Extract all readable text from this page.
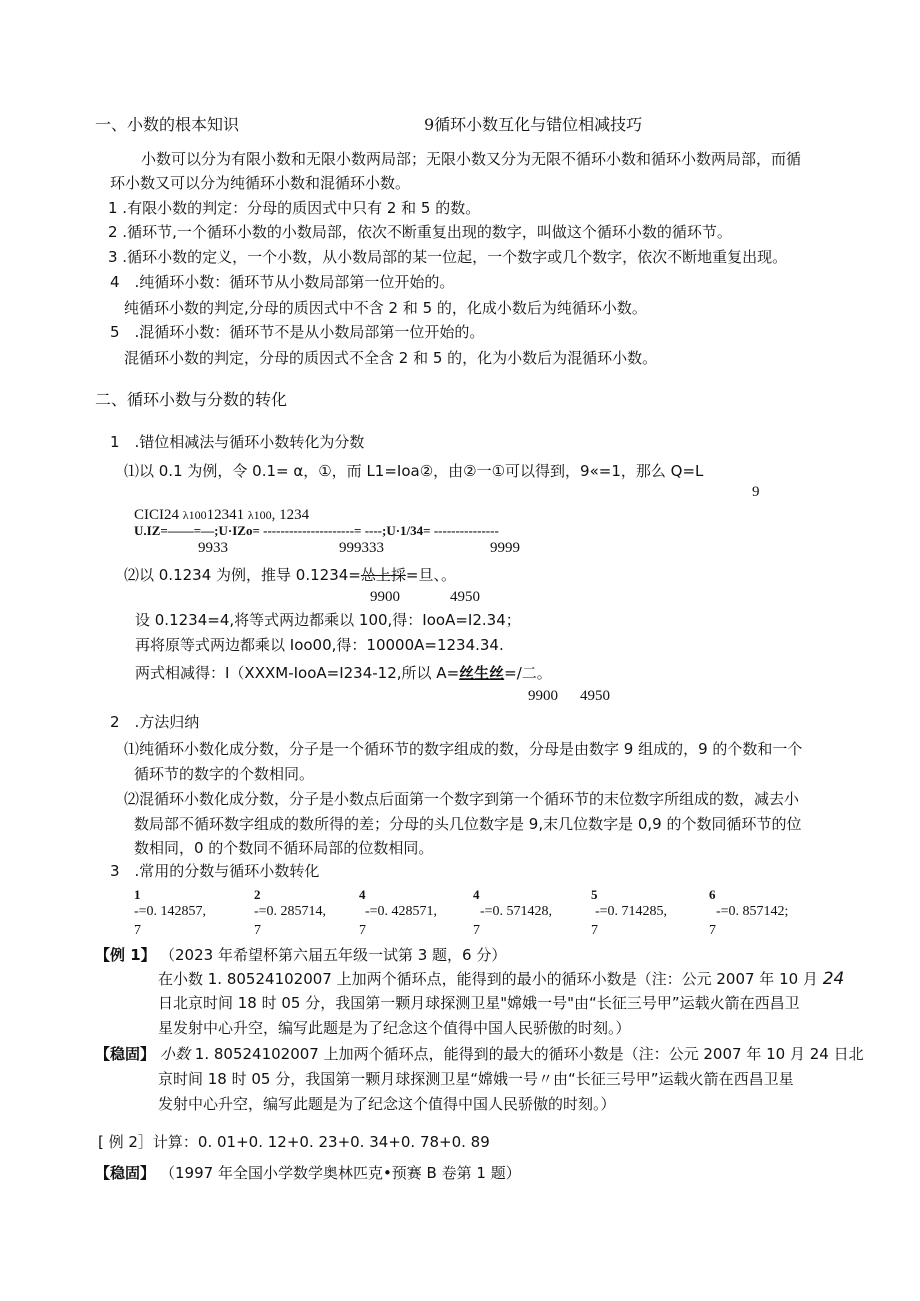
一、小数的根本知识	9循环小数互化与错位相减技巧
小数可以分为有限小数和无限小数两局部；无限小数又分为无限不循环小数和循环小数两局部，而循
环小数又可以分为纯循环小数和混循环小数。
1 .有限小数的判定：分母的质因式中只有 2 和 5 的数。
2 .循环节,一个循环小数的小数局部，依次不断重复出现的数字，叫做这个循环小数的循环节。
3 .循环小数的定义，一个小数，从小数局部的某一位起，一个数字或几个数字，依次不断地重复出现。
4　.纯循环小数：循环节从小数局部第一位开始的。
纯循环小数的判定,分母的质因式中不含 2 和 5 的，化成小数后为纯循环小数。
5　.混循环小数：循环节不是从小数局部第一位开始的。
混循环小数的判定，分母的质因式不全含 2 和 5 的，化为小数后为混循环小数。
二、循环小数与分数的转化
1　.错位相减法与循环小数转化为分数
⑴以 0.1 为例，令 0.1= α，①，而 L1=Ioa②，由②一①可以得到，9«=1，那么 Q=L
9
CICI24 λ10012341 λ100, 1234
U.IZ=——=—;U·IZo= ---------------------= ----;U·1/34= ---------------
9933	999333	9999
⑵以 0.1234 为例，推导 0.1234=怂上採=旦、。
9900	4950
设 0.1234=4,将等式两边都乘以 100,得：IooA=I2.34；
再将原等式两边都乘以 Ioo00,得：10000A=1234.34.
两式相减得：I（XXXM-IooA=I234-12,所以 A=丝生丝=/二。
9900 4950
2　.方法归纳
⑴纯循环小数化成分数，分子是一个循环节的数字组成的数，分母是由数字 9 组成的，9 的个数和一个
循环节的数字的个数相同。
⑵混循环小数化成分数，分子是小数点后面第一个数字到第一个循环节的末位数字所组成的数，减去小
数局部不循环数字组成的数所得的差；分母的头几位数字是 9,末几位数字是 0,9 的个数同循环节的位
数相同，0 的个数同不循环局部的位数相同。
3　.常用的分数与循环小数转化
1
-=0. 142857,
7
2
-=0. 285714,
7
4
-=0. 428571,
7
4
-=0. 571428,
7
5
-=0. 714285,
7
6
-=0. 857142;
7
【例 1】 （2023 年希望杯第六届五年级一试第 3 题，6 分）
在小数 1. 80524102007 上加两个循环点，能得到的最小的循环小数是（注：公元 2007 年 10 月 24
日北京时间 18 时 05 分，我国第一颗月球探测卫星"嫦娥一号"由“长征三号甲”运载火箭在西昌卫
星发射中心升空，编写此题是为了纪念这个值得中国人民骄傲的时刻。）
【稳固】 小数 1. 80524102007 上加两个循环点，能得到的最大的循环小数是（注：公元 2007 年 10 月 24 日北
京时间 18 时 05 分，我国第一颗月球探测卫星“嫦娥一号〃由“长征三号甲”运载火箭在西昌卫星
发射中心升空，编写此题是为了纪念这个值得中国人民骄傲的时刻。）
[ 例 2］计算：0. 01+0. 12+0. 23+0. 34+0. 78+0. 89
【稳固】 （1997 年全国小学数学奥林匹克•预赛 B 卷第 1 题）
